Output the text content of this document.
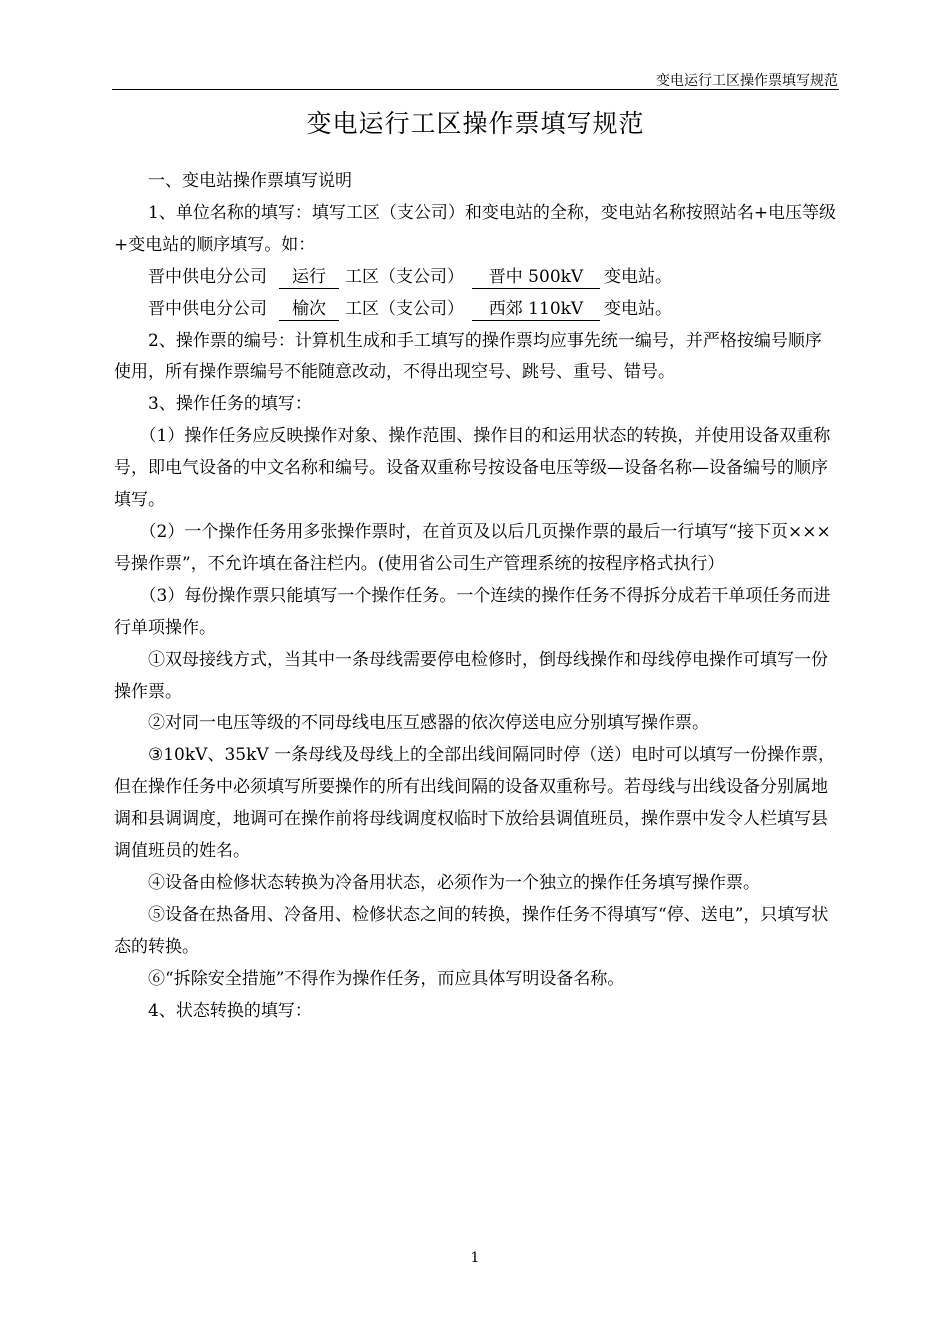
变电运行工区操作票填写规范
变电运行工区操作票填写规范

一、变电站操作票填写说明

1、单位名称的填写：填写工区（支公司）和变电站的全称，变电站名称按照站名+电压等级+变电站的顺序填写。如：

晋中供电分公司 运行 工区（支公司） 晋中 500kV 变电站。

晋中供电分公司 榆次 工区（支公司） 西郊 110kV 变电站。

2、操作票的编号：计算机生成和手工填写的操作票均应事先统一编号，并严格按编号顺序使用，所有操作票编号不能随意改动，不得出现空号、跳号、重号、错号。

3、操作任务的填写：

（1）操作任务应反映操作对象、操作范围、操作目的和运用状态的转换，并使用设备双重称号，即电气设备的中文名称和编号。设备双重称号按设备电压等级—设备名称—设备编号的顺序填写。

（2）一个操作任务用多张操作票时，在首页及以后几页操作票的最后一行填写“接下页×××号操作票”，不允许填在备注栏内。(使用省公司生产管理系统的按程序格式执行）

（3）每份操作票只能填写一个操作任务。一个连续的操作任务不得拆分成若干单项任务而进行单项操作。

①双母接线方式，当其中一条母线需要停电检修时，倒母线操作和母线停电操作可填写一份操作票。

②对同一电压等级的不同母线电压互感器的依次停送电应分别填写操作票。

③10kV、35kV 一条母线及母线上的全部出线间隔同时停（送）电时可以填写一份操作票，但在操作任务中必须填写所要操作的所有出线间隔的设备双重称号。若母线与出线设备分别属地调和县调调度，地调可在操作前将母线调度权临时下放给县调值班员，操作票中发令人栏填写县调值班员的姓名。

④设备由检修状态转换为冷备用状态，必须作为一个独立的操作任务填写操作票。

⑤设备在热备用、冷备用、检修状态之间的转换，操作任务不得填写“停、送电”，只填写状态的转换。

⑥“拆除安全措施”不得作为操作任务，而应具体写明设备名称。

4、状态转换的填写：

1
